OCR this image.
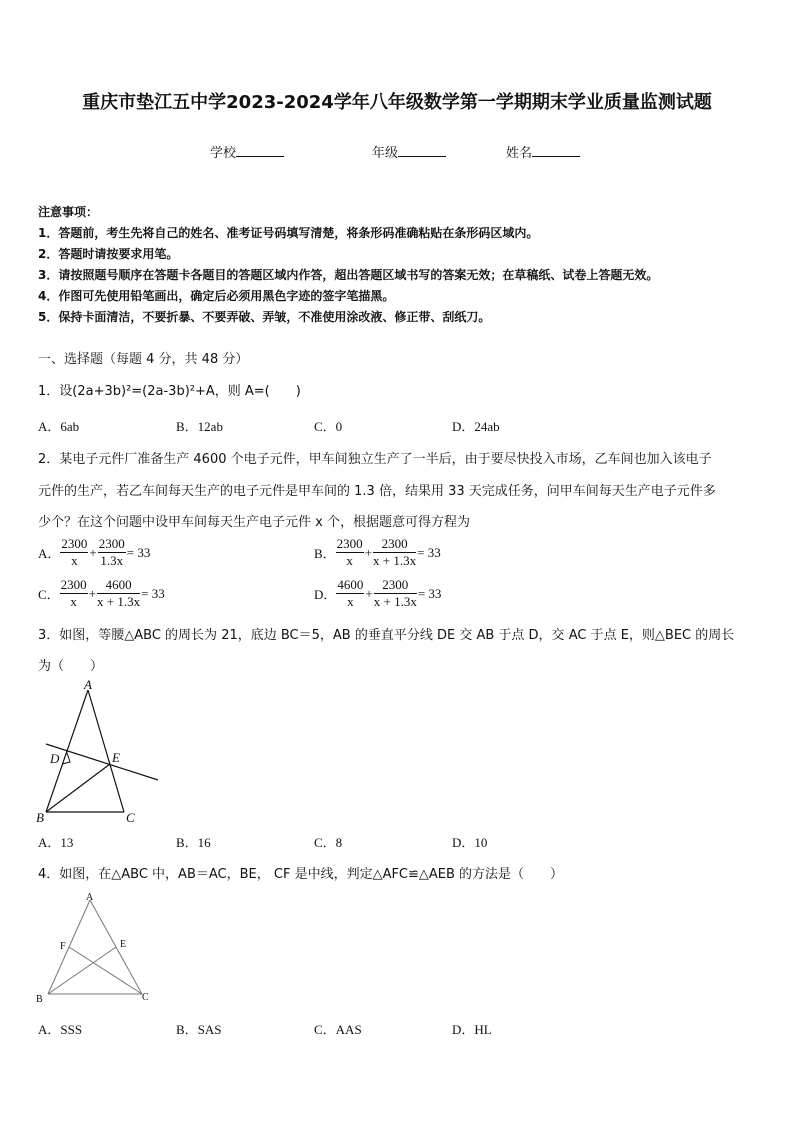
重庆市垫江五中学2023-2024学年八年级数学第一学期期末学业质量监测试题
学校	年级	姓名
注意事项：
1．答题前，考生先将自己的姓名、准考证号码填写清楚，将条形码准确粘贴在条形码区域内。
2．答题时请按要求用笔。
3．请按照题号顺序在答题卡各题目的答题区域内作答，超出答题区域书写的答案无效；在草稿纸、试卷上答题无效。
4．作图可先使用铅笔画出，确定后必须用黑色字迹的签字笔描黑。
5．保持卡面清洁，不要折暴、不要弄破、弄皱，不准使用涂改液、修正带、刮纸刀。
一、选择题（每题 4 分，共 48 分）
1．设(2a+3b)²=(2a-3b)²+A，则 A=(　　)
A．6ab	B．12ab	C．0	D．24ab
2．某电子元件厂准备生产 4600 个电子元件，甲车间独立生产了一半后，由于要尽快投入市场，乙车间也加入该电子
元件的生产，若乙车间每天生产的电子元件是甲车间的 1.3 倍，结果用 33 天完成任务，问甲车间每天生产电子元件多
少个？在这个问题中设甲车间每天生产电子元件 x 个，根据题意可得方程为
A． $\frac{2300}{x} + \frac{2300}{1.3x} = 33$	B． $\frac{2300}{x} + \frac{2300}{x + 1.3x} = 33$
C． $\frac{2300}{x} + \frac{4600}{x + 1.3x} = 33$	D． $\frac{4600}{x} + \frac{2300}{x + 1.3x} = 33$
3．如图，等腰△ABC 的周长为 21，底边 BC＝5，AB 的垂直平分线 DE 交 AB 于点 D，交 AC 于点 E，则△BEC 的周长
为（　　）
A
B	C
D	E
A．13	B．16	C．8	D．10
4．如图，在△ABC 中，AB＝AC，BE， CF 是中线，判定△AFC≌△AEB 的方法是（　　）
A
B	C
E
F
A．SSS	B．SAS	C．AAS	D．HL
